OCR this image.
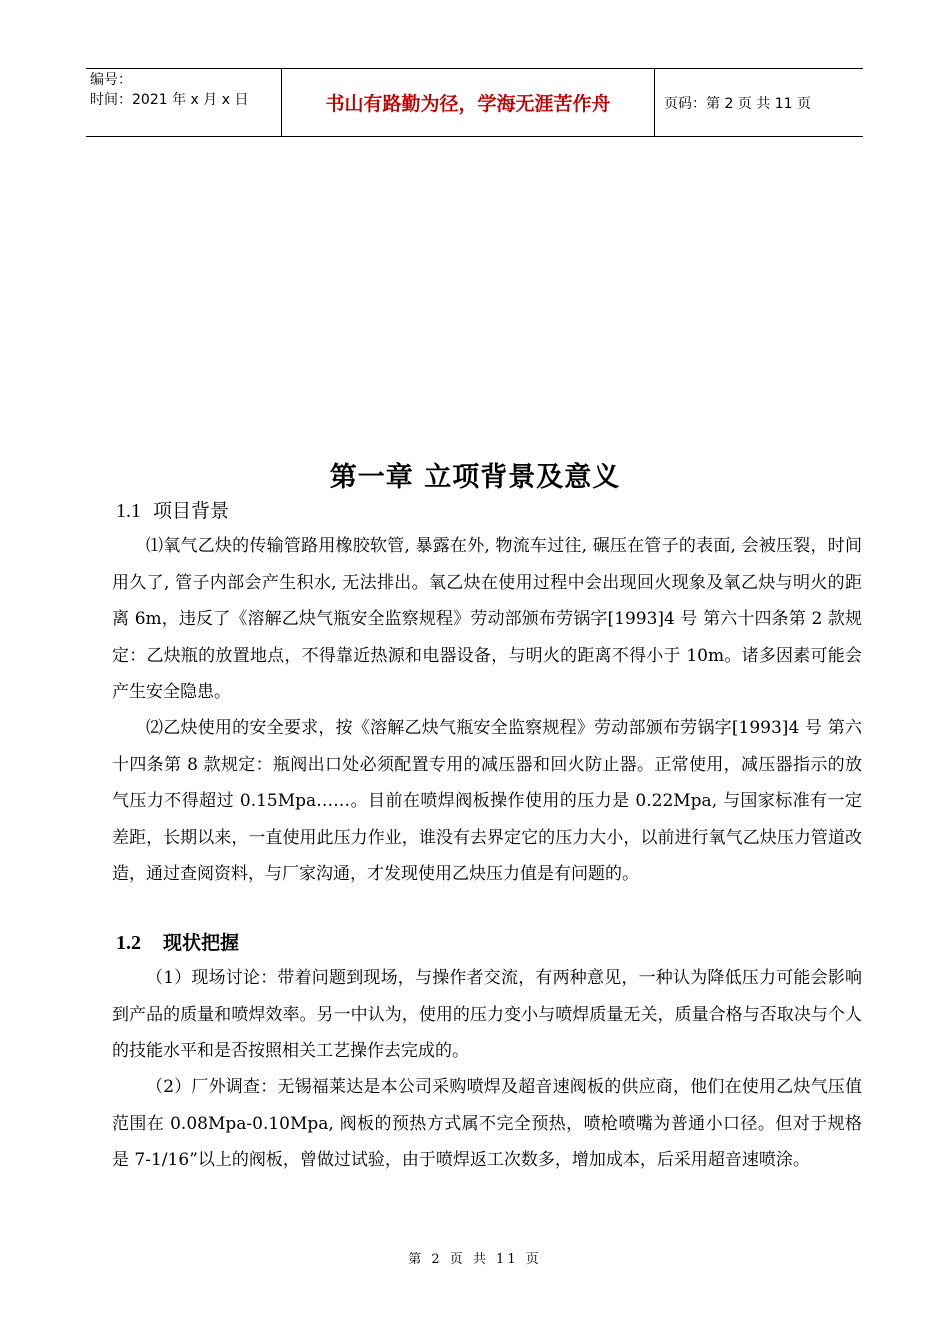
编号：
时间：2021 年 x 月 x 日	书山有路勤为径，学海无涯苦作舟	页码：第 2 页 共 11 页
第一章 立项背景及意义
1.1 项目背景
⑴氧气乙炔的传输管路用橡胶软管, 暴露在外, 物流车过往, 碾压在管子的表面, 会被压裂，时间用久了, 管子内部会产生积水, 无法排出。氧乙炔在使用过程中会出现回火现象及氧乙炔与明火的距离 6m，违反了《溶解乙炔气瓶安全监察规程》劳动部颁布劳锅字[1993]4 号 第六十四条第 2 款规定：乙炔瓶的放置地点，不得靠近热源和电器设备，与明火的距离不得小于 10m。诸多因素可能会产生安全隐患。
⑵乙炔使用的安全要求，按《溶解乙炔气瓶安全监察规程》劳动部颁布劳锅字[1993]4 号 第六十四条第 8 款规定：瓶阀出口处必须配置专用的减压器和回火防止器。正常使用，减压器指示的放气压力不得超过 0.15Mpa……。目前在喷焊阀板操作使用的压力是 0.22Mpa, 与国家标准有一定差距，长期以来，一直使用此压力作业，谁没有去界定它的压力大小，以前进行氧气乙炔压力管道改造，通过查阅资料，与厂家沟通，才发现使用乙炔压力值是有问题的。
1.2 现状把握
（1）现场讨论：带着问题到现场，与操作者交流，有两种意见，一种认为降低压力可能会影响到产品的质量和喷焊效率。另一中认为，使用的压力变小与喷焊质量无关，质量合格与否取决与个人的技能水平和是否按照相关工艺操作去完成的。
（2）厂外调查：无锡福莱达是本公司采购喷焊及超音速阀板的供应商，他们在使用乙炔气压值范围在 0.08Mpa-0.10Mpa, 阀板的预热方式属不完全预热，喷枪喷嘴为普通小口径。但对于规格是 7-1/16”以上的阀板，曾做过试验，由于喷焊返工次数多，增加成本，后采用超音速喷涂。
第 2 页 共 11 页
